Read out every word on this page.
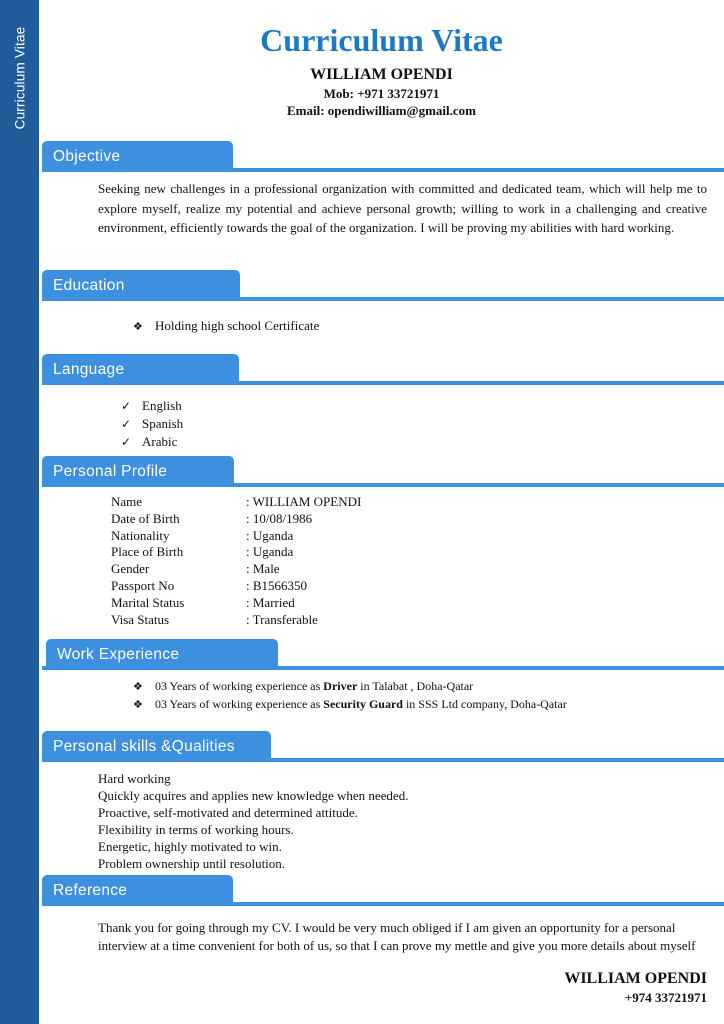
Curriculum Vitae	Curriculum Vitae
WILLIAM OPENDI
Mob: +971 33721971
Email: opendiwilliam@gmail.com
Objective
Seeking new challenges in a professional organization with committed and dedicated team, which will help me to explore myself, realize my potential and achieve personal growth; willing to work in a challenging and creative environment, efficiently towards the goal of the organization. I will be proving my abilities with hard working.
Education
❖ Holding high school Certificate
Language
✓ English
✓ Spanish
✓ Arabic
Personal Profile
Name	: WILLIAM OPENDI
Date of Birth	: 10/08/1986
Nationality	: Uganda
Place of Birth	: Uganda
Gender	: Male
Passport No	: B1566350
Marital Status	: Married
Visa Status	: Transferable
Work Experience
❖ 03 Years of working experience as Driver in Talabat , Doha-Qatar
❖ 03 Years of working experience as Security Guard in SSS Ltd company, Doha-Qatar
Personal skills &Qualities
Hard working
Quickly acquires and applies new knowledge when needed.
Proactive, self-motivated and determined attitude.
Flexibility in terms of working hours.
Energetic, highly motivated to win.
Problem ownership until resolution.
Reference
Thank you for going through my CV. I would be very much obliged if I am given an opportunity for a personal interview at a time convenient for both of us, so that I can prove my mettle and give you more details about myself
WILLIAM OPENDI
+974 33721971
